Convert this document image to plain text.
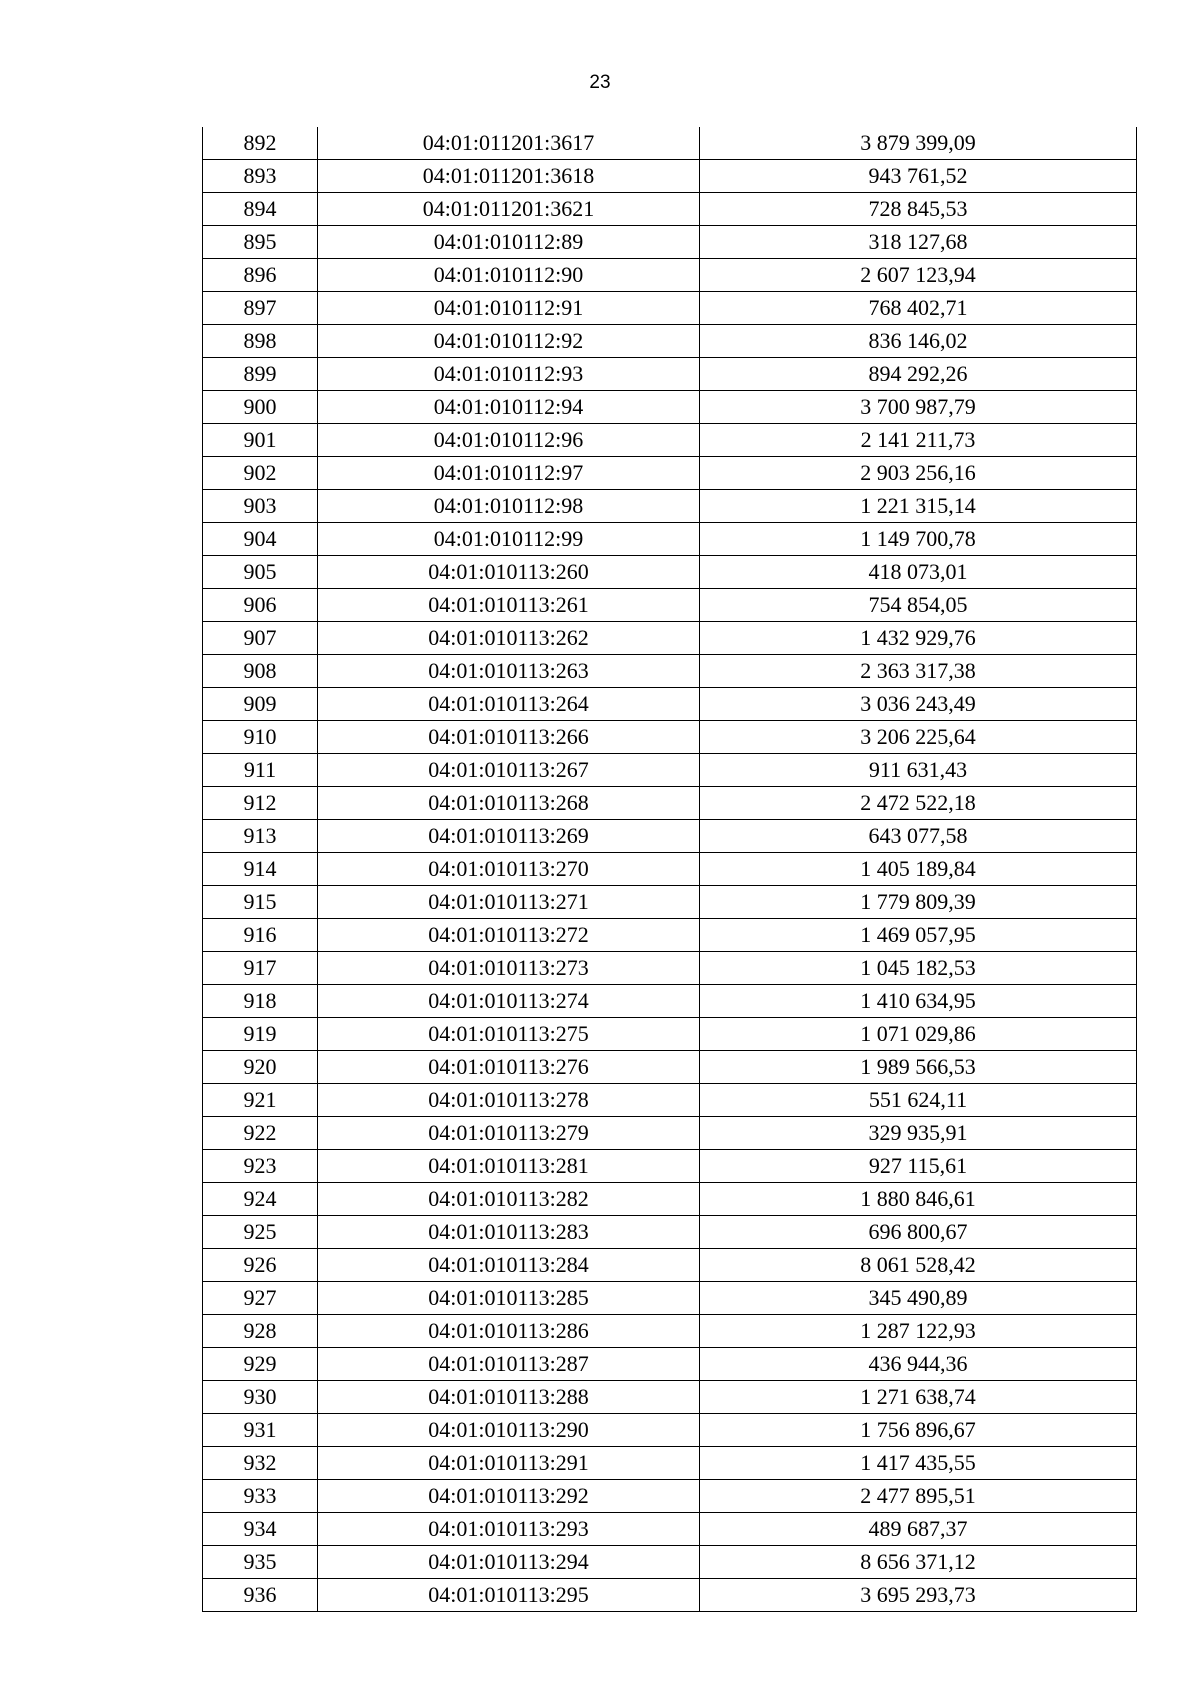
23
892	04:01:011201:3617	3 879 399,09
893	04:01:011201:3618	943 761,52
894	04:01:011201:3621	728 845,53
895	04:01:010112:89	318 127,68
896	04:01:010112:90	2 607 123,94
897	04:01:010112:91	768 402,71
898	04:01:010112:92	836 146,02
899	04:01:010112:93	894 292,26
900	04:01:010112:94	3 700 987,79
901	04:01:010112:96	2 141 211,73
902	04:01:010112:97	2 903 256,16
903	04:01:010112:98	1 221 315,14
904	04:01:010112:99	1 149 700,78
905	04:01:010113:260	418 073,01
906	04:01:010113:261	754 854,05
907	04:01:010113:262	1 432 929,76
908	04:01:010113:263	2 363 317,38
909	04:01:010113:264	3 036 243,49
910	04:01:010113:266	3 206 225,64
911	04:01:010113:267	911 631,43
912	04:01:010113:268	2 472 522,18
913	04:01:010113:269	643 077,58
914	04:01:010113:270	1 405 189,84
915	04:01:010113:271	1 779 809,39
916	04:01:010113:272	1 469 057,95
917	04:01:010113:273	1 045 182,53
918	04:01:010113:274	1 410 634,95
919	04:01:010113:275	1 071 029,86
920	04:01:010113:276	1 989 566,53
921	04:01:010113:278	551 624,11
922	04:01:010113:279	329 935,91
923	04:01:010113:281	927 115,61
924	04:01:010113:282	1 880 846,61
925	04:01:010113:283	696 800,67
926	04:01:010113:284	8 061 528,42
927	04:01:010113:285	345 490,89
928	04:01:010113:286	1 287 122,93
929	04:01:010113:287	436 944,36
930	04:01:010113:288	1 271 638,74
931	04:01:010113:290	1 756 896,67
932	04:01:010113:291	1 417 435,55
933	04:01:010113:292	2 477 895,51
934	04:01:010113:293	489 687,37
935	04:01:010113:294	8 656 371,12
936	04:01:010113:295	3 695 293,73
